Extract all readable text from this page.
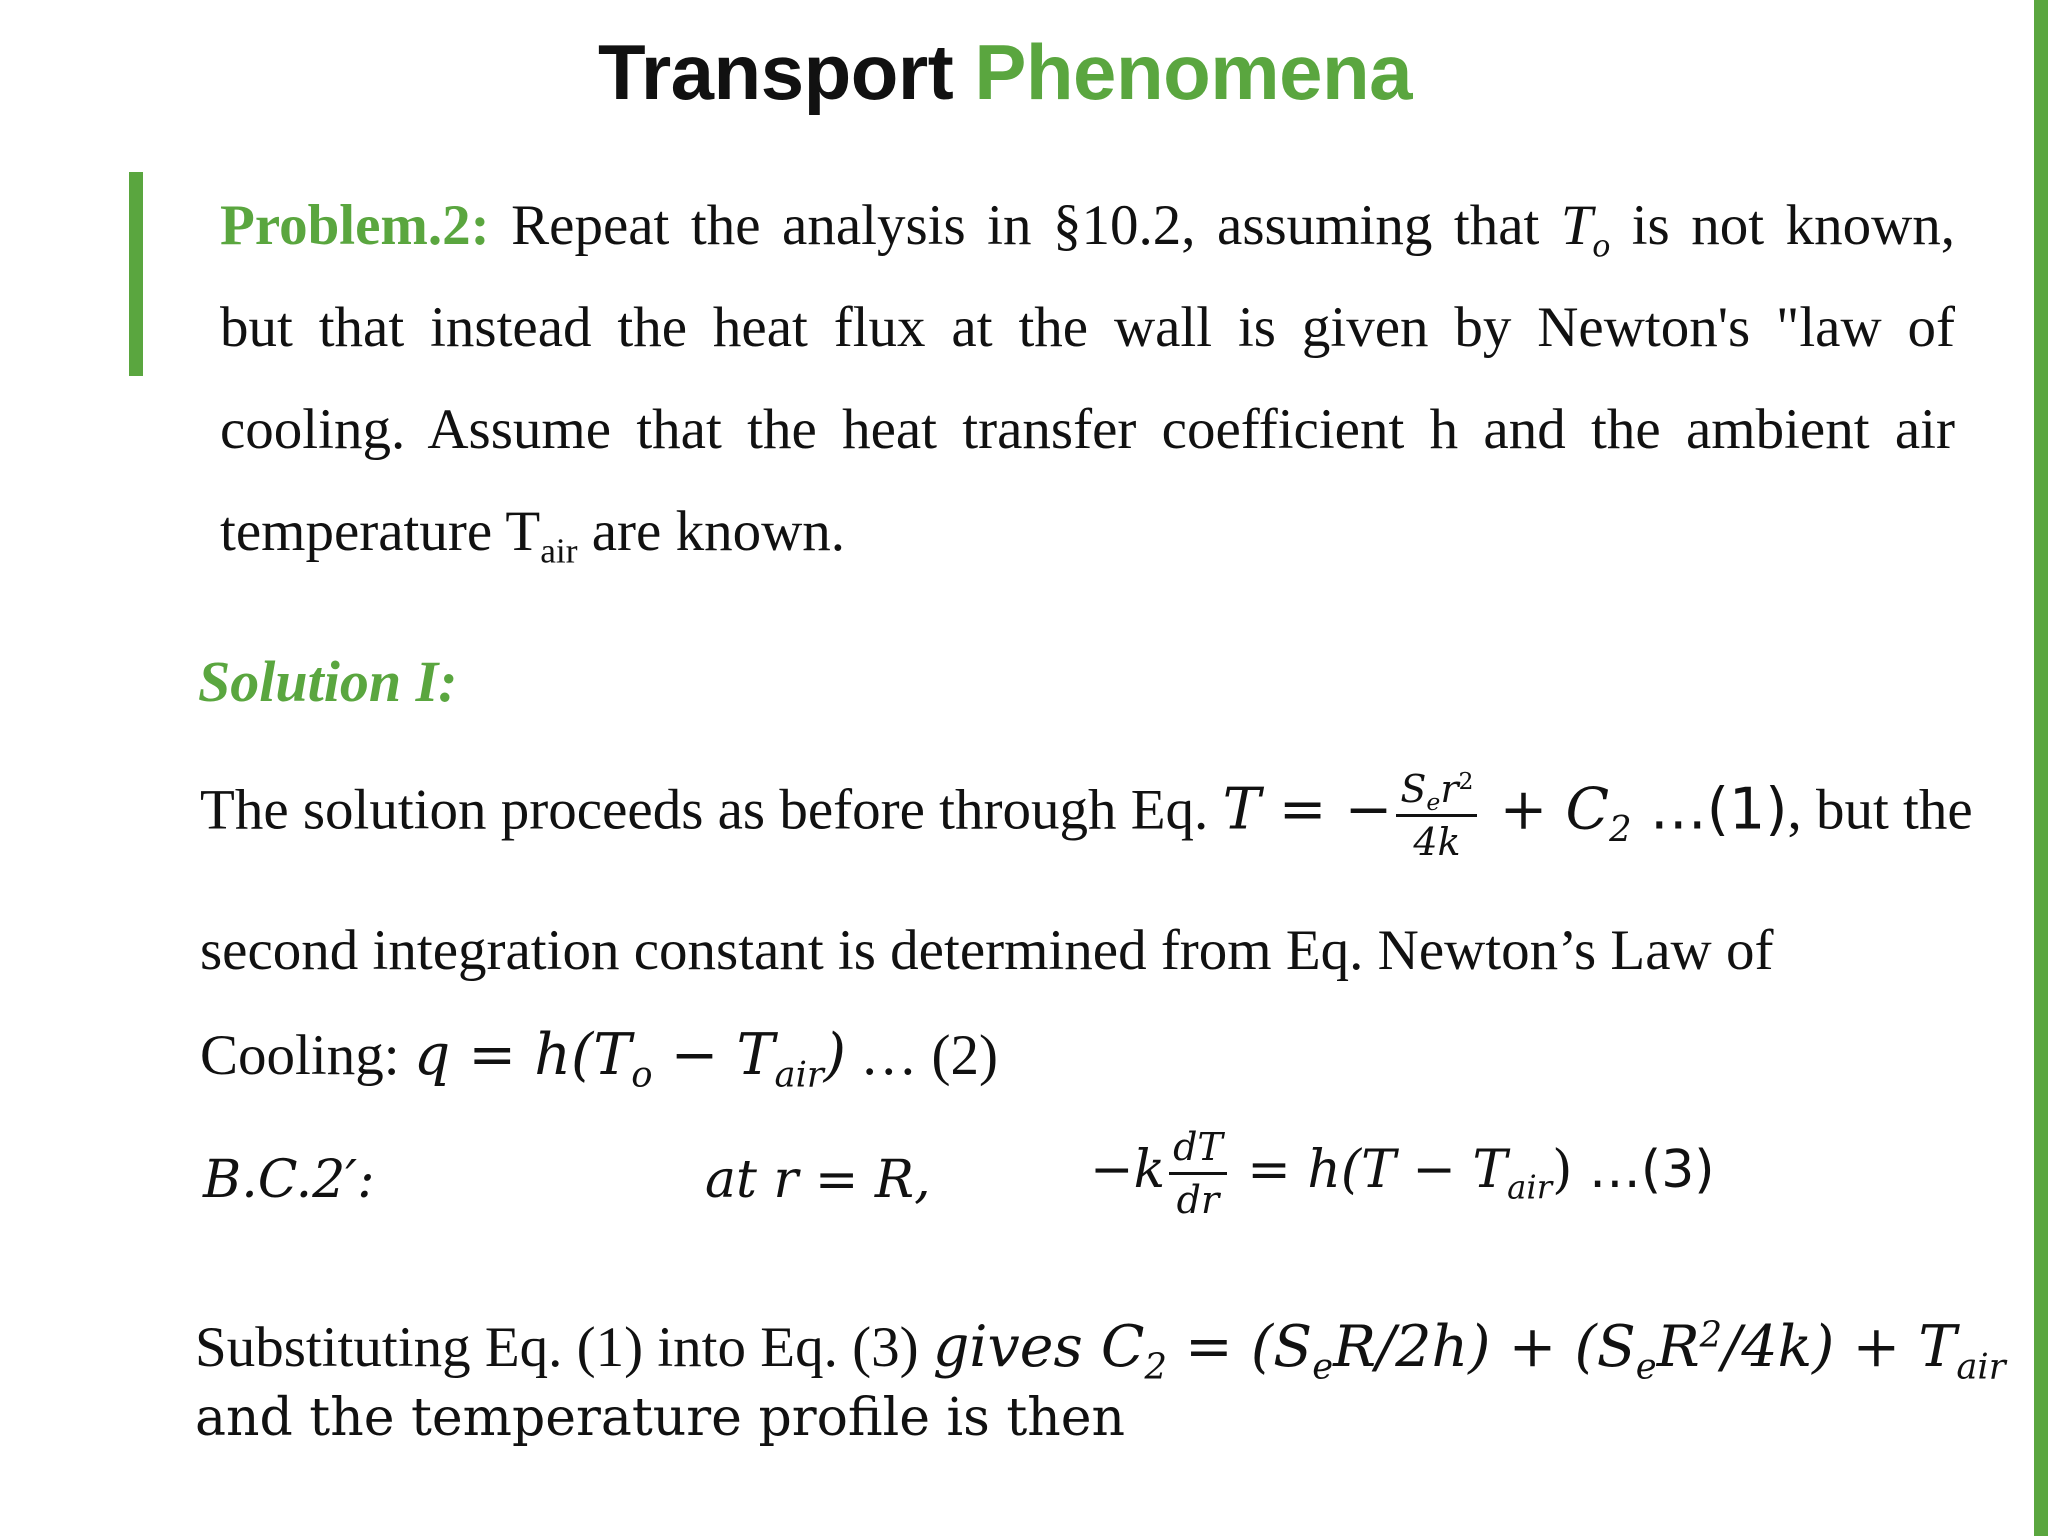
Transport Phenomena
Problem.2: Repeat the analysis in §10.2, assuming that $T_o$ is not known, but that instead the heat flux at the wall is given by Newton's "law of cooling. Assume that the heat transfer coefficient h and the ambient air temperature $T_{air}$ are known.
Solution I:
The solution proceeds as before through Eq. T = − $\frac{S_er^2}{4k} + C_2$ …(1), but the
second integration constant is determined from Eq. Newton’s Law of
Cooling: $q = h(T_o - T_{air})$ … (2)
B.C.2′:	at r = R,	$-k \frac{dT}{dr} = h(T - T_{air})$ …(3)
Substituting Eq. (1) into Eq. (3) gives $C_2 = (S_eR/2h) + (S_eR^2/4k) + T_{air}$
and the temperature profile is then
